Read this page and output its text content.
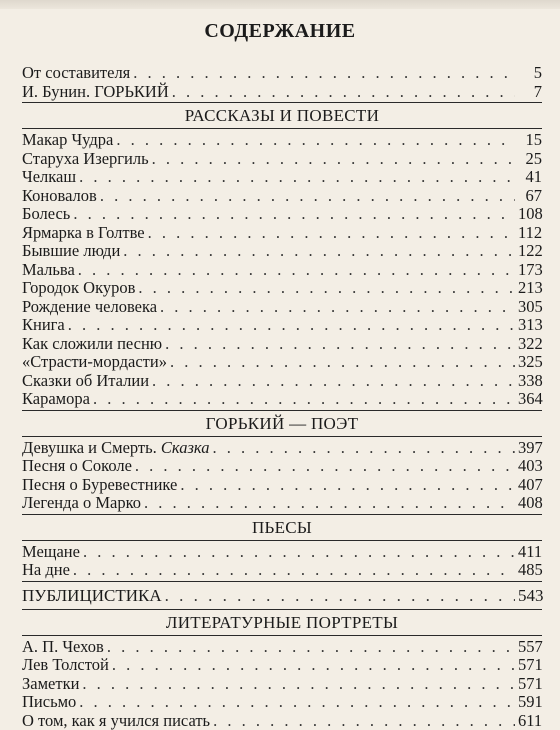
СОДЕРЖАНИЕ
От составителя . . .	5
И. Бунин. ГОРЬКИЙ . . .	7
РАССКАЗЫ И ПОВЕСТИ
Макар Чудра . . .	15
Старуха Изергиль . . .	25
Челкаш . . .	41
Коновалов . . .	67
Болесь . . .	108
Ярмарка в Голтве . . .	112
Бывшие люди . . .	122
Мальва . . .	173
Городок Окуров . . .	213
Рождение человека . . .	305
Книга . . .	313
Как сложили песню . . .	322
«Страсти-мордасти» . . .	325
Сказки об Италии . . .	338
Карамора . . .	364
ГОРЬКИЙ — ПОЭТ
Девушка и Смерть. Сказка . . .	397
Песня о Соколе . . .	403
Песня о Буревестнике . . .	407
Легенда о Марко . . .	408
ПЬЕСЫ
Мещане . . .	411
На дне . . .	485
ПУБЛИЦИСТИКА . . .	543
ЛИТЕРАТУРНЫЕ ПОРТРЕТЫ
А. П. Чехов . . .	557
Лев Толстой . . .	571
Заметки . . .	571
Письмо . . .	591
О том, как я учился писать . . .	611
